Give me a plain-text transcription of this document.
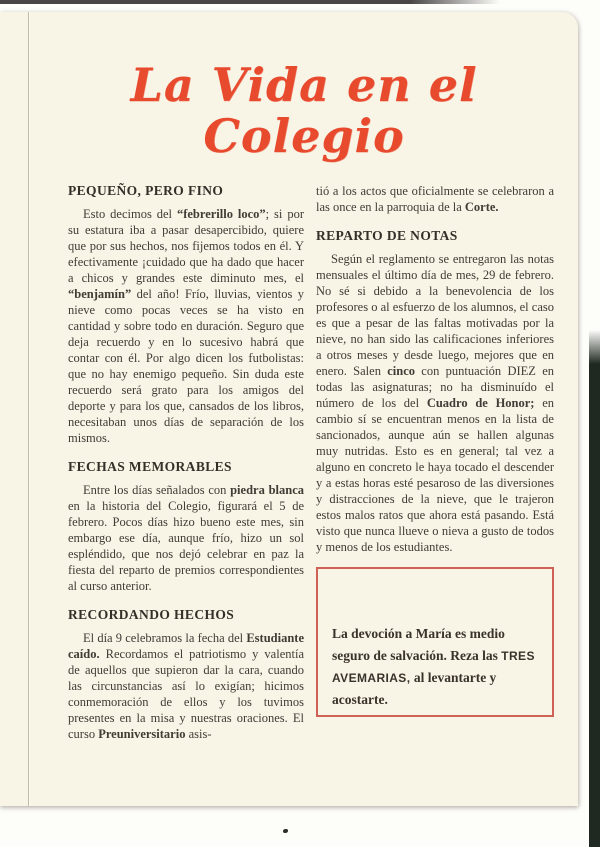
La Vida en el Colegio
PEQUEÑO, PERO FINO

Esto decimos del “febrerillo loco”; si por su estatura iba a pasar desapercibido, quiere que por sus hechos, nos fijemos todos en él. Y efectivamente ¡cuidado que ha dado que hacer a chicos y grandes este diminuto mes, el “benjamín” del año! Frío, lluvias, vientos y nieve como pocas veces se ha visto en cantidad y sobre todo en duración. Seguro que deja recuerdo y en lo sucesivo habrá que contar con él. Por algo dicen los futbolistas: que no hay enemigo pequeño. Sin duda este recuerdo será grato para los amigos del deporte y para los que, cansados de los libros, necesitaban unos días de separación de los mismos.

FECHAS MEMORABLES

Entre los días señalados con piedra blanca en la historia del Colegio, figurará el 5 de febrero. Pocos días hizo bueno este mes, sin embargo ese día, aunque frío, hizo un sol espléndido, que nos dejó celebrar en paz la fiesta del reparto de premios correspondientes al curso anterior.

RECORDANDO HECHOS

El día 9 celebramos la fecha del Estudiante caído. Recordamos el patriotismo y valentía de aquellos que supieron dar la cara, cuando las circunstancias así lo exigían; hicimos conmemoración de ellos y los tuvimos presentes en la misa y nuestras oraciones. El curso Preuniversitario asis-

tió a los actos que oficialmente se celebraron a las once en la parroquia de la Corte.

REPARTO DE NOTAS

Según el reglamento se entregaron las notas mensuales el último día de mes, 29 de febrero. No sé si debido a la benevolencia de los profesores o al esfuerzo de los alumnos, el caso es que a pesar de las faltas motivadas por la nieve, no han sido las calificaciones inferiores a otros meses y desde luego, mejores que en enero. Salen cinco con puntuación DIEZ en todas las asignaturas; no ha disminuído el número de los del Cuadro de Honor; en cambio sí se encuentran menos en la lista de sancionados, aunque aún se hallen algunas muy nutridas. Esto es en general; tal vez a alguno en concreto le haya tocado el descender y a estas horas esté pesaroso de las diversiones y distracciones de la nieve, que le trajeron estos malos ratos que ahora está pasando. Está visto que nunca llueve o nieva a gusto de todos y menos de los estudiantes.

La devoción a María es medio seguro de salvación. Reza las TRES AVEMARIAS, al levantarte y acostarte.
